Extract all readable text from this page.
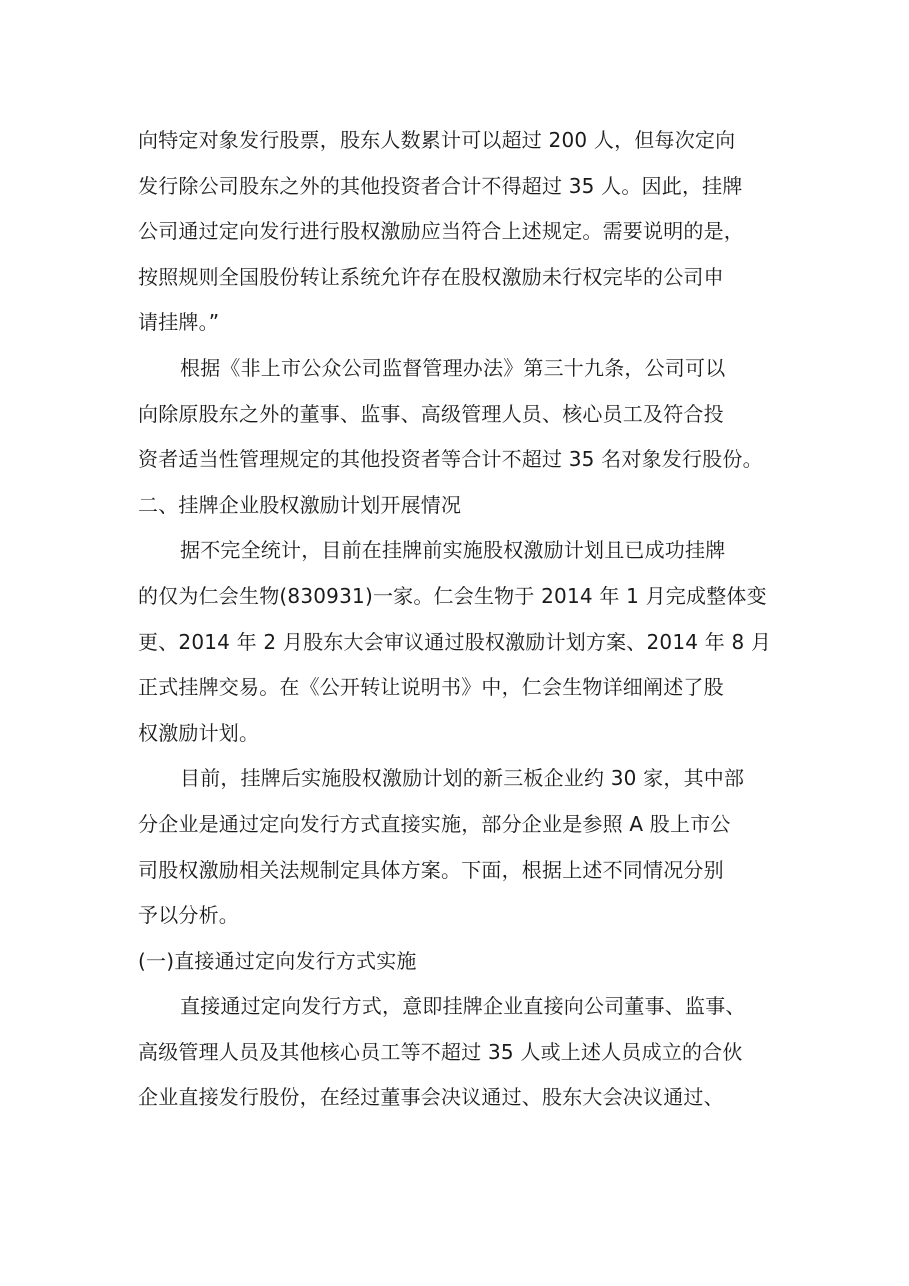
向特定对象发行股票，股东人数累计可以超过 200 人，但每次定向
发行除公司股东之外的其他投资者合计不得超过 35 人。因此，挂牌
公司通过定向发行进行股权激励应当符合上述规定。需要说明的是，
按照规则全国股份转让系统允许存在股权激励未行权完毕的公司申
请挂牌。”
根据《非上市公众公司监督管理办法》第三十九条，公司可以
向除原股东之外的董事、监事、高级管理人员、核心员工及符合投
资者适当性管理规定的其他投资者等合计不超过 35 名对象发行股份。
二、挂牌企业股权激励计划开展情况
据不完全统计，目前在挂牌前实施股权激励计划且已成功挂牌
的仅为仁会生物(830931)一家。仁会生物于 2014 年 1 月完成整体变
更、2014 年 2 月股东大会审议通过股权激励计划方案、2014 年 8 月
正式挂牌交易。在《公开转让说明书》中，仁会生物详细阐述了股
权激励计划。
目前，挂牌后实施股权激励计划的新三板企业约 30 家，其中部
分企业是通过定向发行方式直接实施，部分企业是参照 A 股上市公
司股权激励相关法规制定具体方案。下面，根据上述不同情况分别
予以分析。
(一)直接通过定向发行方式实施
直接通过定向发行方式，意即挂牌企业直接向公司董事、监事、
高级管理人员及其他核心员工等不超过 35 人或上述人员成立的合伙
企业直接发行股份，在经过董事会决议通过、股东大会决议通过、
